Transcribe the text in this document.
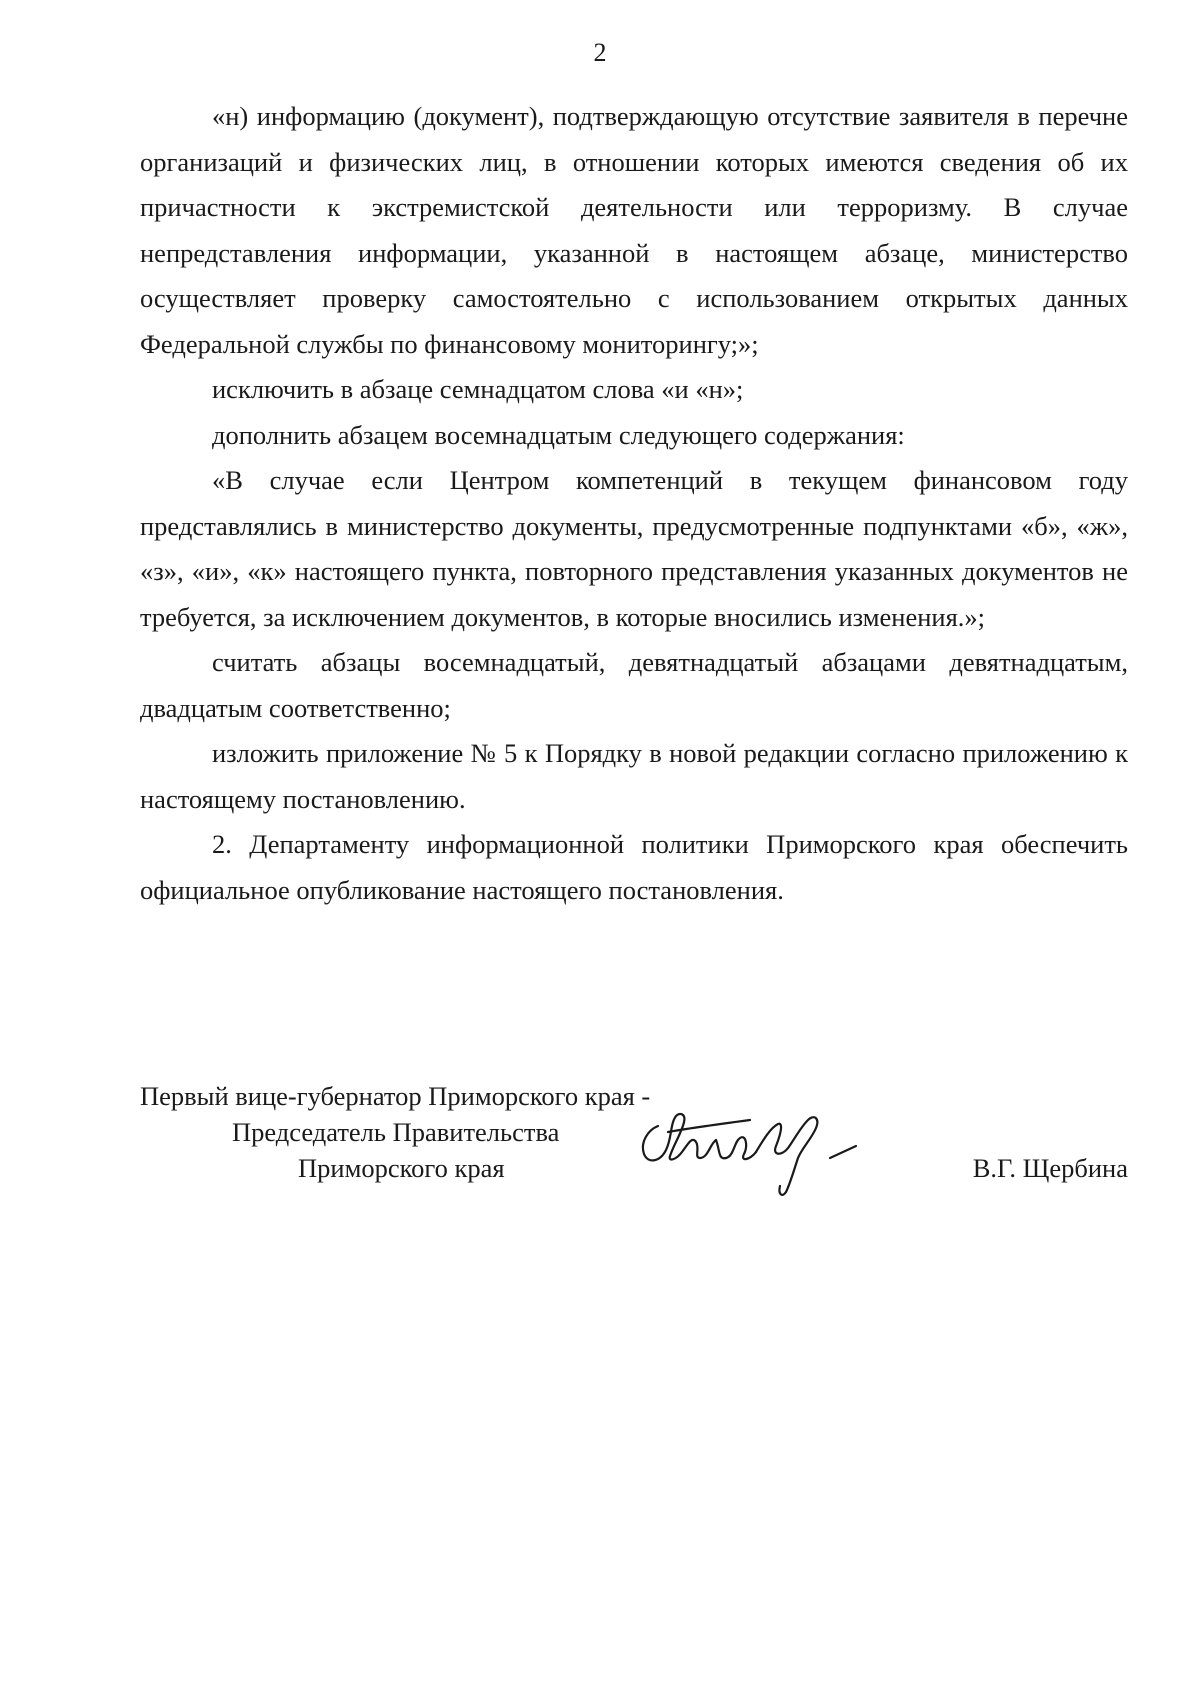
2

«н) информацию (документ), подтверждающую отсутствие заявителя в перечне организаций и физических лиц, в отношении которых имеются сведения об их причастности к экстремистской деятельности или терроризму. В случае непредставления информации, указанной в настоящем абзаце, министерство осуществляет проверку самостоятельно с использованием открытых данных Федеральной службы по финансовому мониторингу;»;

исключить в абзаце семнадцатом слова «и «н»;

дополнить абзацем восемнадцатым следующего содержания:

«В случае если Центром компетенций в текущем финансовом году представлялись в министерство документы, предусмотренные подпунктами «б», «ж», «з», «и», «к» настоящего пункта, повторного представления указанных документов не требуется, за исключением документов, в которые вносились изменения.»;

считать абзацы восемнадцатый, девятнадцатый абзацами девятнадцатым, двадцатым соответственно;

изложить приложение № 5 к Порядку в новой редакции согласно приложению к настоящему постановлению.

2. Департаменту информационной политики Приморского края обеспечить официальное опубликование настоящего постановления.

Первый вице-губернатор Приморского края -
Председатель Правительства
Приморского края	В.Г. Щербина
